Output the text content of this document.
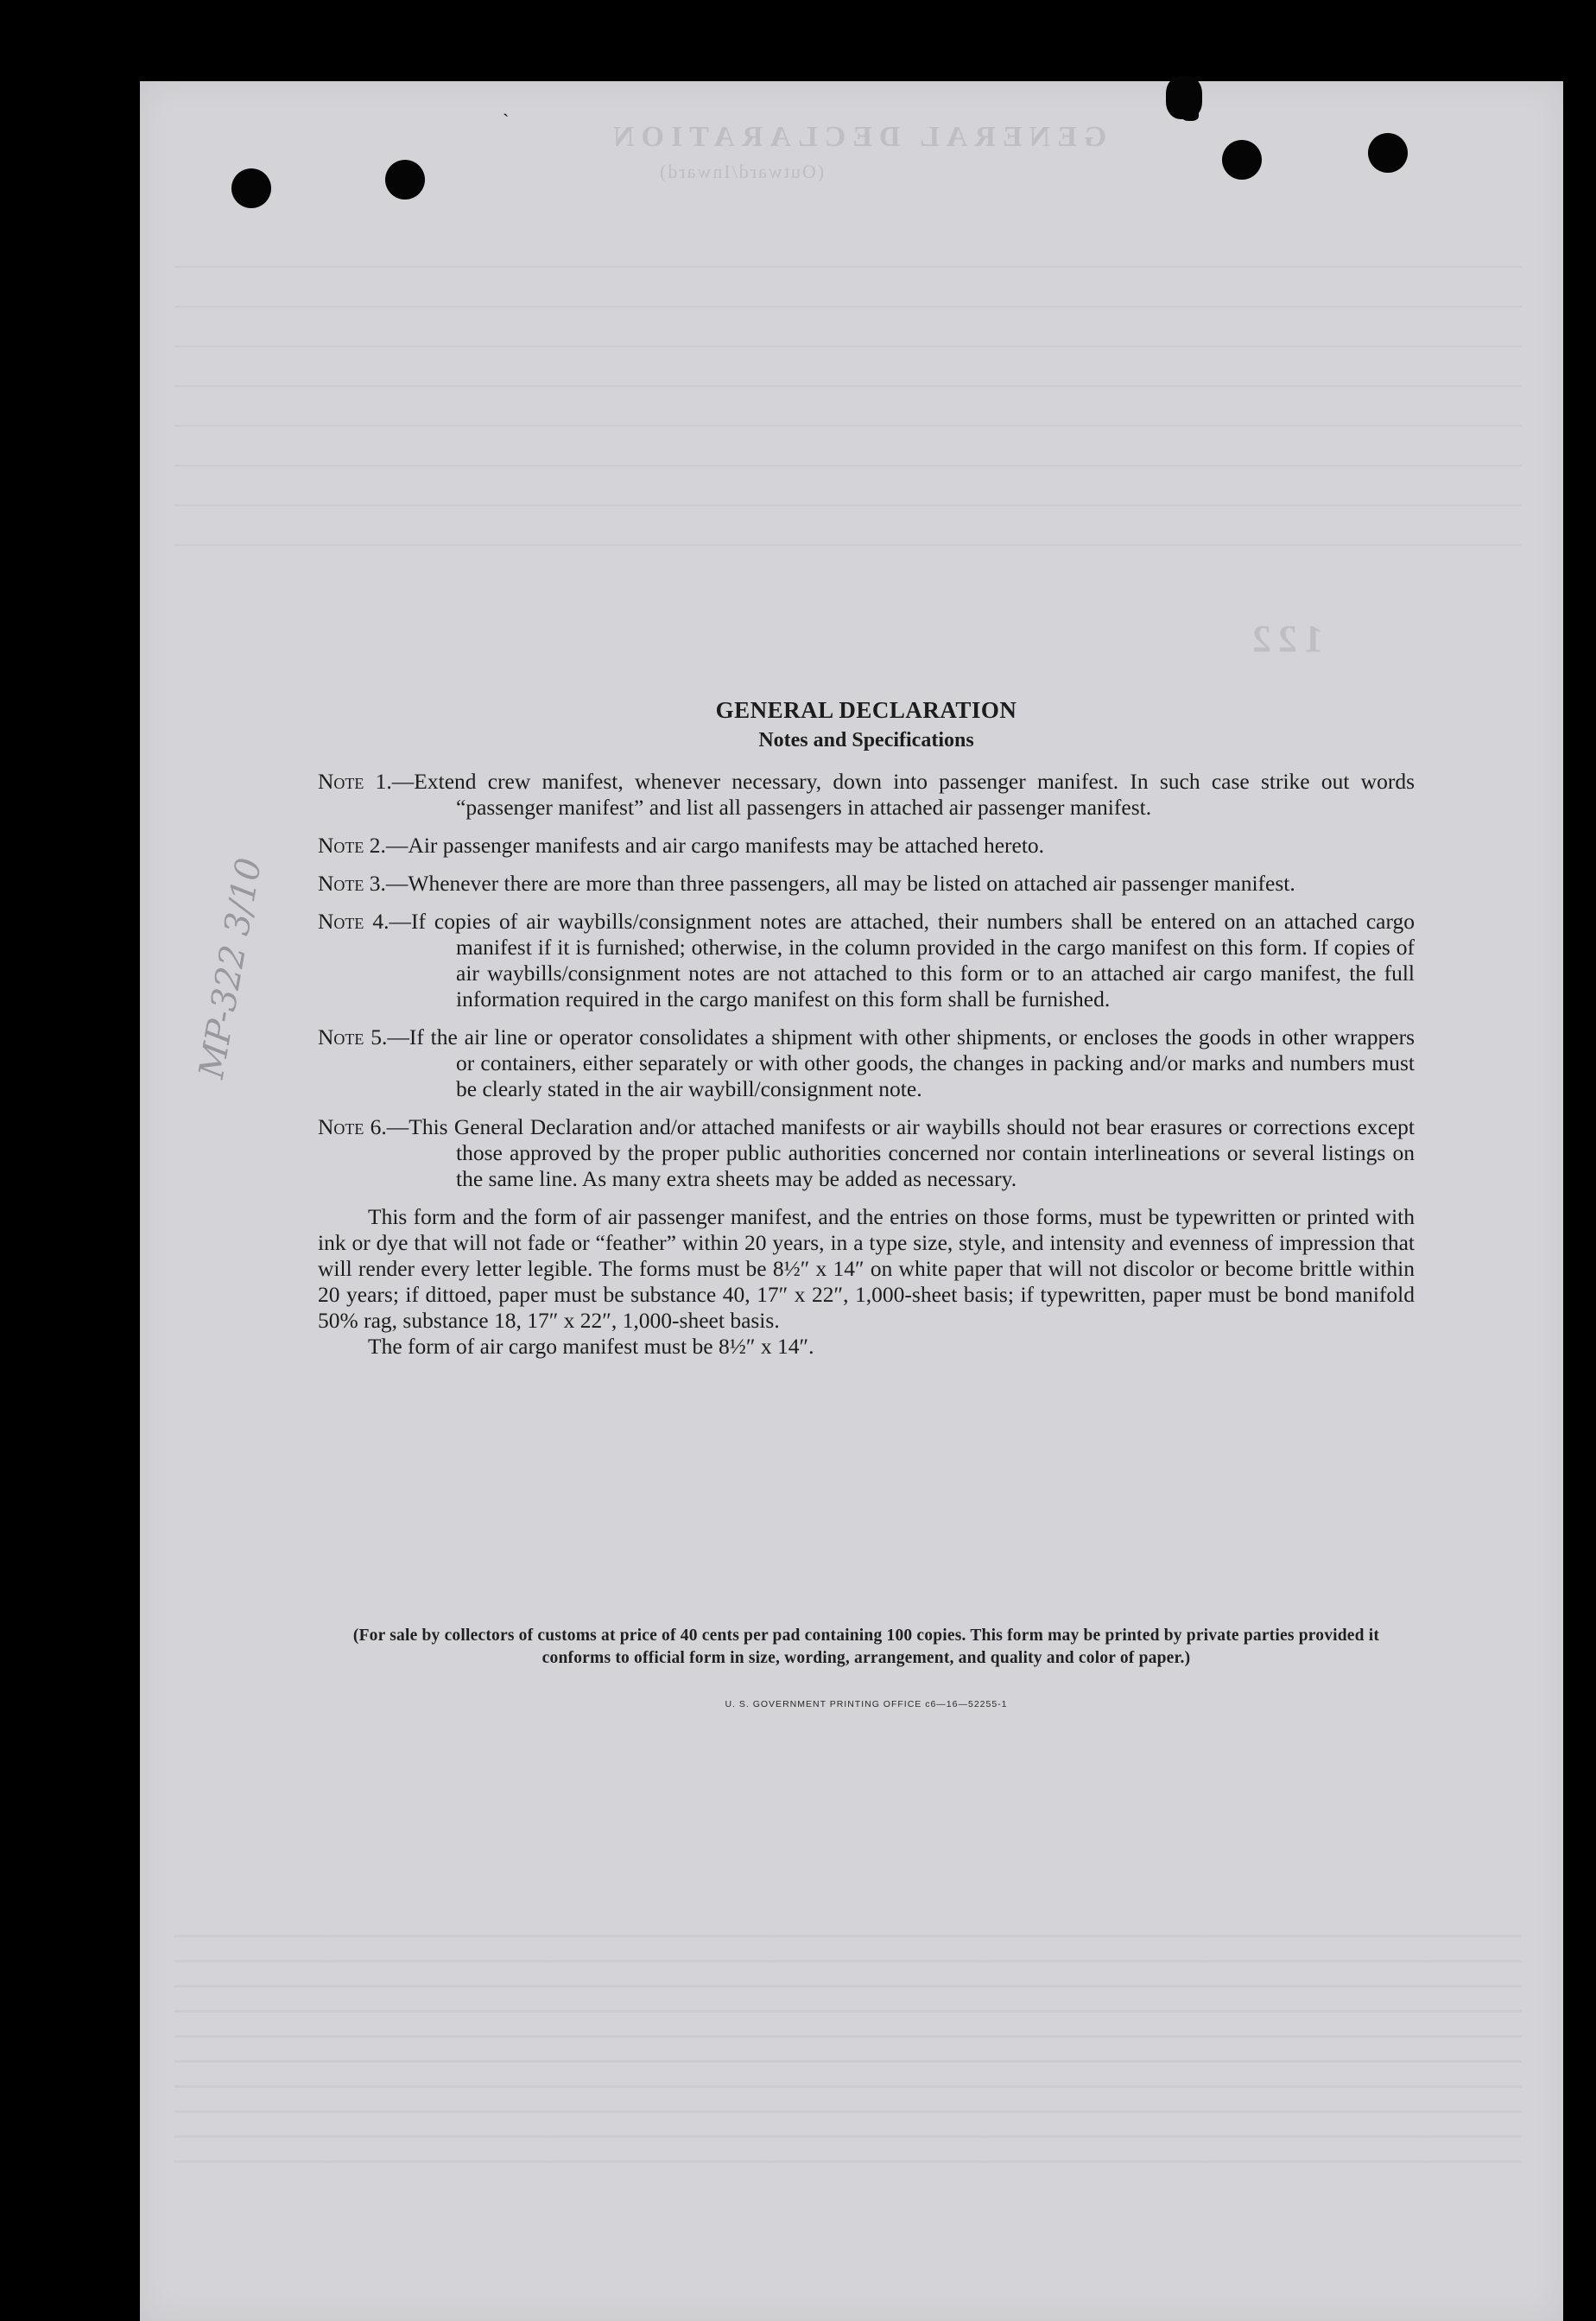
GENERAL DECLARATION
(Outward/Inward)
122
MP-322 3/10
ˎ

GENERAL DECLARATION

Notes and Specifications

Note 1.—Extend crew manifest, whenever necessary, down into passenger manifest. In such case strike out words “passenger manifest” and list all passengers in attached air passenger manifest.
Note 2.—Air passenger manifests and air cargo manifests may be attached hereto.
Note 3.—Whenever there are more than three passengers, all may be listed on attached air passenger manifest.
Note 4.—If copies of air waybills/consignment notes are attached, their numbers shall be entered on an attached cargo manifest if it is furnished; otherwise, in the column provided in the cargo manifest on this form. If copies of air waybills/consignment notes are not attached to this form or to an attached air cargo manifest, the full information required in the cargo manifest on this form shall be furnished.
Note 5.—If the air line or operator consolidates a shipment with other shipments, or encloses the goods in other wrappers or containers, either separately or with other goods, the changes in packing and/or marks and numbers must be clearly stated in the air waybill/consignment note.
Note 6.—This General Declaration and/or attached manifests or air waybills should not bear erasures or corrections except those approved by the proper public authorities concerned nor contain interlineations or several listings on the same line. As many extra sheets may be added as necessary.

This form and the form of air passenger manifest, and the entries on those forms, must be typewritten or printed with ink or dye that will not fade or “feather” within 20 years, in a type size, style, and intensity and evenness of impression that will render every letter legible. The forms must be 8½″ x 14″ on white paper that will not discolor or become brittle within 20 years; if dittoed, paper must be substance 40, 17″ x 22″, 1,000-sheet basis; if typewritten, paper must be bond manifold 50% rag, substance 18, 17″ x 22″, 1,000-sheet basis.

The form of air cargo manifest must be 8½″ x 14″.

(For sale by collectors of customs at price of 40 cents per pad containing 100 copies. This form may be printed by private parties provided it conforms to official form in size, wording, arrangement, and quality and color of paper.)
U. S. GOVERNMENT PRINTING OFFICE c6—16—52255-1
